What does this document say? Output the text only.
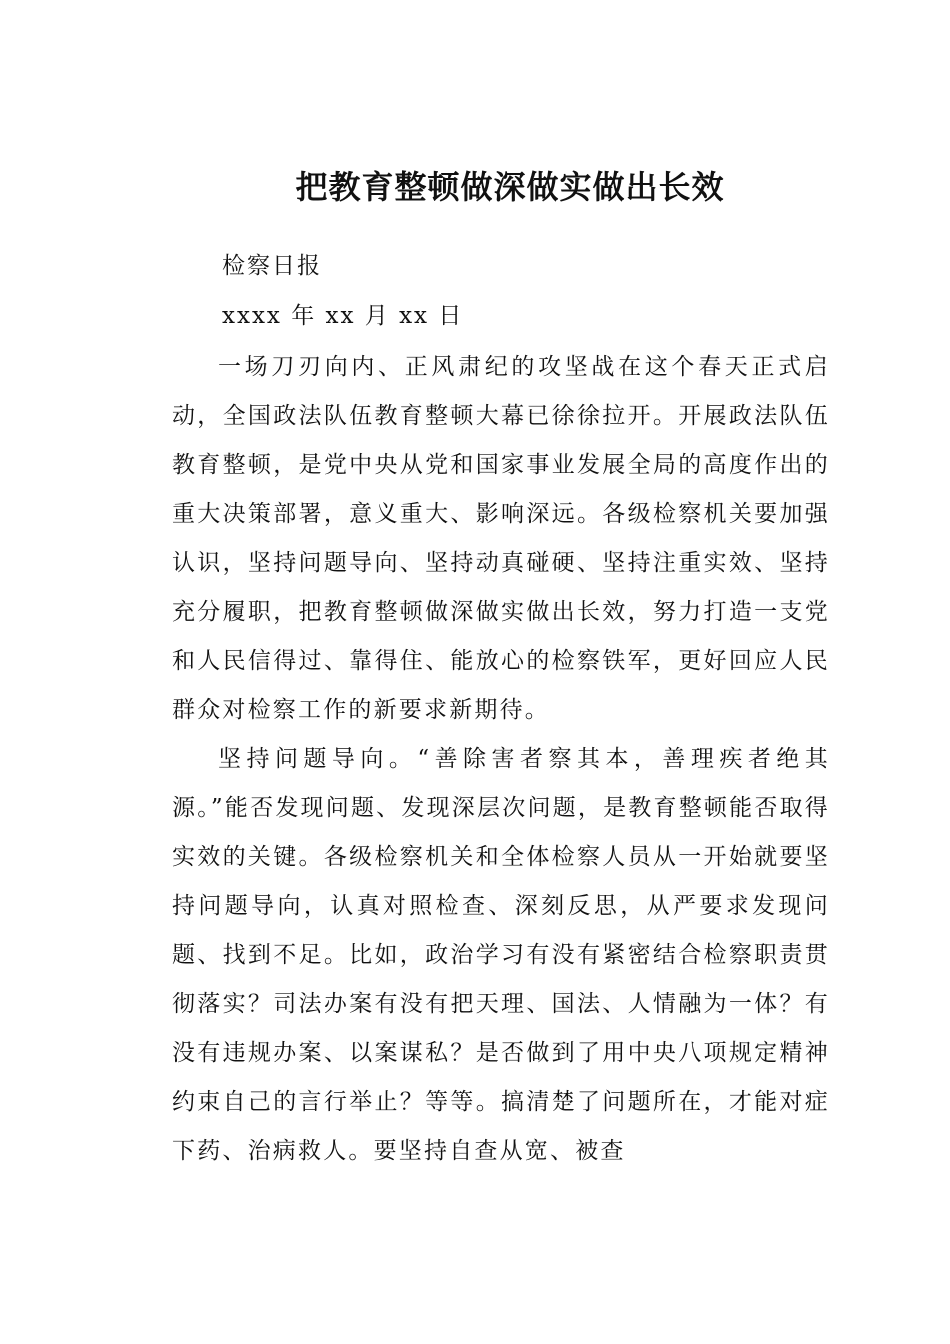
把教育整顿做深做实做出长效

检察日报

xxxx 年 xx 月 xx 日

一场刀刃向内、正风肃纪的攻坚战在这个春天正式启动，全国政法队伍教育整顿大幕已徐徐拉开。开展政法队伍教育整顿，是党中央从党和国家事业发展全局的高度作出的重大决策部署，意义重大、影响深远。各级检察机关要加强认识，坚持问题导向、坚持动真碰硬、坚持注重实效、坚持充分履职，把教育整顿做深做实做出长效，努力打造一支党和人民信得过、靠得住、能放心的检察铁军，更好回应人民群众对检察工作的新要求新期待。

坚持问题导向。“善除害者察其本，善理疾者绝其源。”能否发现问题、发现深层次问题，是教育整顿能否取得实效的关键。各级检察机关和全体检察人员从一开始就要坚持问题导向，认真对照检查、深刻反思，从严要求发现问题、找到不足。比如，政治学习有没有紧密结合检察职责贯彻落实？司法办案有没有把天理、国法、人情融为一体？有没有违规办案、以案谋私？是否做到了用中央八项规定精神约束自己的言行举止？等等。搞清楚了问题所在，才能对症下药、治病救人。要坚持自查从宽、被查
